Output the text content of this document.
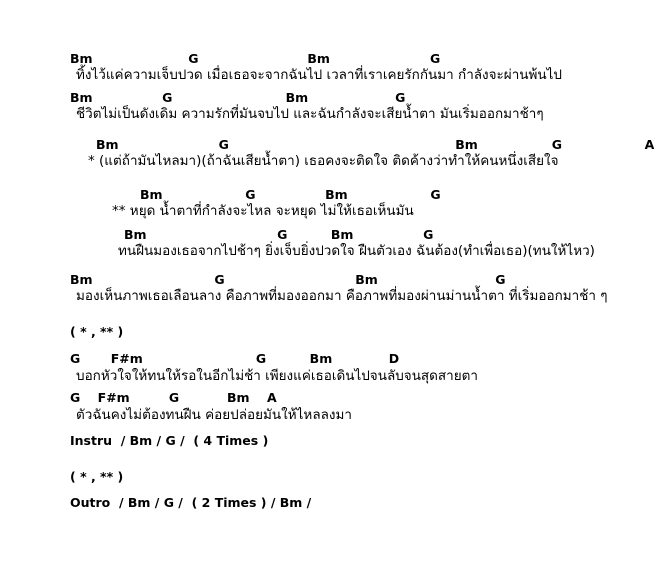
Bm                      G                         Bm                       G
ทิ้งไว้แค่ความเจ็บปวด เมื่อเธอจะจากฉันไป เวลาที่เราเคยรักกันมา กำลังจะผ่านพ้นไป
Bm                G                          Bm                    G
ชีวิตไม่เป็นดังเดิม ความรักที่มันจบไป และฉันกำลังจะเสียน้ำตา มันเริ่มออกมาช้าๆ
Bm                       G                                                    Bm                 G                   A
* (แต่ถ้ามันไหลมา)(ถ้าฉันเสียน้ำตา) เธอคงจะติดใจ ติดค้างว่าทำให้คนหนึ่งเสียใจ
Bm                   G                Bm                   G
** หยุด น้ำตาที่กำลังจะไหล จะหยุด ไม่ให้เธอเห็นมัน
Bm                              G          Bm                G
ทนฝืนมองเธอจากไปช้าๆ ยิ่งเจ็บยิ่งปวดใจ ฝืนตัวเอง ฉันต้อง(ทำเพื่อเธอ)(ทนให้ไหว)
Bm                            G                              Bm                           G
มองเห็นภาพเธอเลือนลาง คือภาพที่มองออกมา คือภาพที่มองผ่านม่านน้ำตา ที่เริ่มออกมาช้า ๆ
( * , ** )
G       F#m                          G          Bm             D
บอกหัวใจให้ทนให้รอในอีกไม่ช้า เพียงแค่เธอเดินไปจนลับจนสุดสายตา
G    F#m         G           Bm    A
ตัวฉันคงไม่ต้องทนฝืน ค่อยปล่อยมันให้ไหลลงมา
Instru  / Bm / G /  ( 4 Times )
( * , ** )
Outro  / Bm / G /  ( 2 Times ) / Bm /
